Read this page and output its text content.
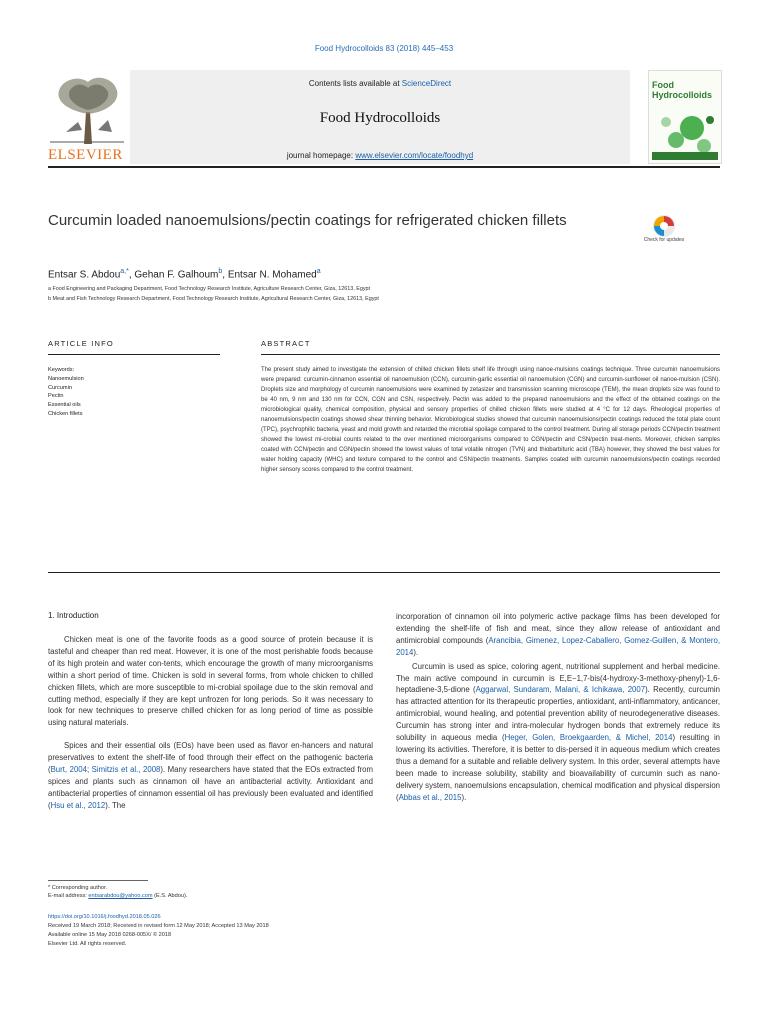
Food Hydrocolloids 83 (2018) 445–453
ELSEVIER
Contents lists available at ScienceDirect
Food Hydrocolloids
journal homepage: www.elsevier.com/locate/foodhyd
Food Hydrocolloids
Curcumin loaded nanoemulsions/pectin coatings for refrigerated chicken fillets
Check for updates
Entsar S. Abdou$^{a,*}$, Gehan F. Galhoum$^b$, Entsar N. Mohamed$^a$
a Food Engineering and Packaging Department, Food Technology Research Institute, Agriculture Research Center, Giza, 12613, Egypt
b Meat and Fish Technology Research Department, Food Technology Research Institute, Agricultural Research Center, Giza, 12613, Egypt
ARTICLE INFO
Keywords:
Nanoemulsion
Curcumin
Pectin
Essential oils
Chicken fillets
ABSTRACT
The present study aimed to investigate the extension of chilled chicken fillets shelf life through using nanoe-mulsions coatings technique. Three curcumin nanoemulsions were prepared: curcumin-cinnamon essential oil nanoemulsion (CCN), curcumin-garlic essential oil nanoemulsion (CGN) and curcumin-sunflower oil nanoe-mulsion (CSN). Droplets size and morphology of curcumin nanoemulsions were examined by zetasizer and transmission scanning microscope (TEM), the mean droplets size was found to be 40 nm, 9 nm and 130 nm for CCN, CGN and CSN, respectively. Pectin was added to the prepared nanoemulsions and the effect of the obtained coatings on the microbiological quality, chemical composition, physical and sensory properties of chilled chicken fillets were studied at 4 °C for 12 days. Rheological properties of nanoemulsions/pectin coatings showed shear thinning behavior. Microbiological studies showed that curcumin nanoemulsions/pectin coatings reduced the total plate count (TPC), psychrophilic bacteria, yeast and mold growth and retarded the microbial spoilage compared to the control treatment. During all storage periods CCN/pectin treatment showed the lowest mi-crobial counts related to the over mentioned microorganisms compared to CGN/pectin and CSN/pectin treat-ments. Moreover, chicken samples coated with CCN/pectin and CGN/pectin showed the lowest values of total volatile nitrogen (TVN) and thiobarbituric acid (TBA) however, they showed the best values for water holding capacity (WHC) and texture compared to the control and CSN/pectin treatments. Samples coated with curcumin nanoemulsions/pectin coatings recorded higher sensory scores compared to the control treatment.
1. Introduction

Chicken meat is one of the favorite foods as a good source of protein because it is tasteful and cheaper than red meat. However, it is one of the most perishable foods because of its high protein and water con-tents, which encourage the growth of many microorganisms within a short period of time. Chicken is sold in several forms, from whole chicken to chilled chicken fillets, which are more susceptible to mi-crobial spoilage due to the skin removal and cutting method, especially if they are kept unfrozen for long periods. So it was necessary to look for new techniques to preserve chilled chicken for as long period of time as possible using natural materials.

Spices and their essential oils (EOs) have been used as flavor en-hancers and natural preservatives to extent the shelf-life of food through their effect on the pathogenic bacteria (Burt, 2004; Simitzis et al., 2008). Many researchers have stated that the EOs extracted from spices and plants such as cinnamon oil have an antibacterial activity. Antioxidant and antibacterial properties of cinnamon essential oil has previously been evaluated and identified (Hsu et al., 2012). The

incorporation of cinnamon oil into polymeric active package films has been developed for extending the shelf-life of fish and meat, since they allow release of antioxidant and antimicrobial compounds (Arancibia, Gimenez, Lopez-Caballero, Gomez-Guillen, & Montero, 2014).

Curcumin is used as spice, coloring agent, nutritional supplement and herbal medicine. The main active compound in curcumin is E,E−1,7-bis(4-hydroxy-3-methoxy-phenyl)-1,6-heptadiene-3,5-dione (Aggarwal, Sundaram, Malani, & Ichikawa, 2007). Recently, curcumin has attracted attention for its therapeutic properties, antioxidant, anti-inflammatory, anticancer, antimicrobial, wound healing, and potential prevention ability of neurodegenerative diseases. Curcumin has strong inter and intra-molecular hydrogen bonds that extremely reduce its solubility in aqueous media (Heger, Golen, Broekgaarden, & Michel, 2014) resulting in lowering its activities. Therefore, it is better to dis-persed it in aqueous medium which creates thus a demand for a suitable and reliable delivery system. In this order, several attempts have been made to increase solubility, stability and bioavailability of curcumin such as nano-delivery system, nanoemulsions encapsulation, chemical modification and physical dispersion (Abbas et al., 2015).

* Corresponding author.
E-mail address: entsarabdou@yahoo.com (E.S. Abdou).
https://doi.org/10.1016/j.foodhyd.2018.05.026
Received 19 March 2018; Received in revised form 12 May 2018; Accepted 13 May 2018
Available online 15 May 2018 0268-005X/ © 2018
Elsevier Ltd. All rights reserved.
